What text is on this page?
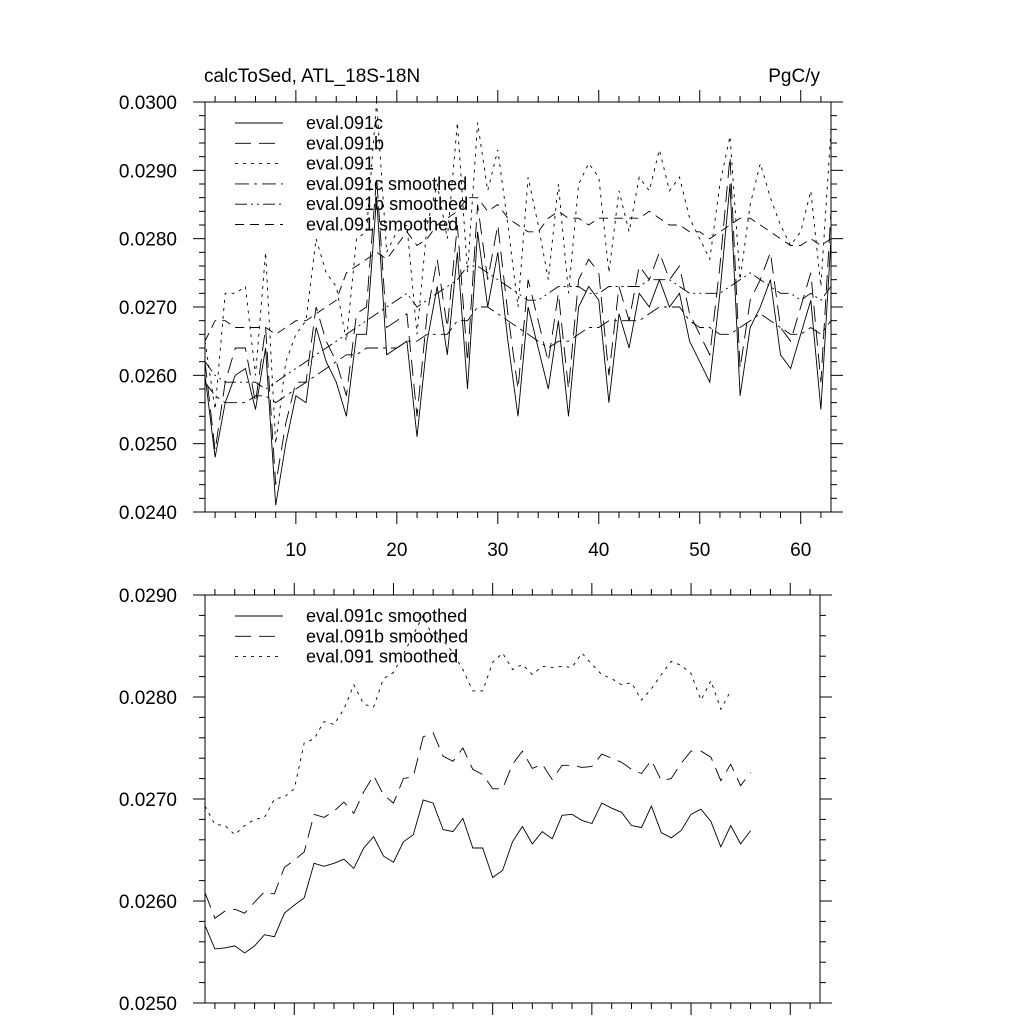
calcToSed, ATL_18S-18N	PgC/y
10	20	30	40	50	60
0.0240
0.0250
0.0260
0.0270
0.0280
0.0290
0.0300
eval.091c
eval.091b
eval.091
eval.091c smoothed
eval.091b smoothed
eval.091 smoothed
0.0250
0.0260
0.0270
0.0280
0.0290
eval.091c smoothed
eval.091b smoothed
eval.091 smoothed
